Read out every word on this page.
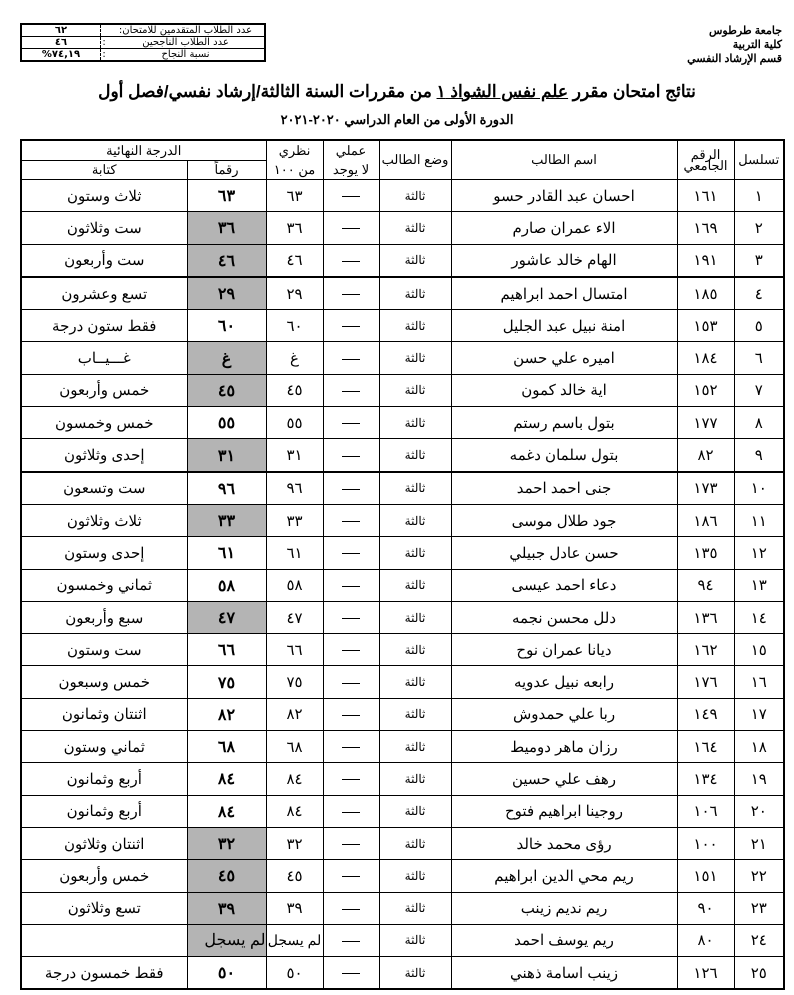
٦٢		عدد الطلاب المتقدمين للامتحان:
٤٦	:	عدد الطلاب الناجحين
%٧٤,١٩	:	نسبة النجاح
جامعة طرطوس
كلية التربية
قسم الإرشاد النفسي
نتائج امتحان مقرر علم نفس الشواذ ١ من مقررات السنة الثالثة/إرشاد نفسي/فصل أول
الدورة الأولى من العام الدراسي ٢٠٢٠-٢٠٢١
تسلسل	الرقم الجامعي	اسم الطالب	وضع الطالب	عملي	نظري	الدرجة النهائية	
				لا يوجد	من ١٠٠	رقماً	كتابة
١	١٦١	احسان عبد القادر حسو	ثالثة		٦٣	٦٣	ثلاث وستون
٢	١٦٩	الاء عمران صارم	ثالثة		٣٦	٣٦	ست وثلاثون
٣	١٩١	الهام خالد عاشور	ثالثة		٤٦	٤٦	ست وأربعون
٤	١٨٥	امتسال احمد ابراهيم	ثالثة		٢٩	٢٩	تسع وعشرون
٥	١٥٣	امنة نبيل عبد الجليل	ثالثة		٦٠	٦٠	فقط ستون درجة
٦	١٨٤	اميره علي حسن	ثالثة		غ	غ	غـــيــاب
٧	١٥٢	اية خالد كمون	ثالثة		٤٥	٤٥	خمس وأربعون
٨	١٧٧	بتول باسم رستم	ثالثة		٥٥	٥٥	خمس وخمسون
٩	٨٢	بتول سلمان دغمه	ثالثة		٣١	٣١	إحدى وثلاثون
١٠	١٧٣	جنى احمد احمد	ثالثة		٩٦	٩٦	ست وتسعون
١١	١٨٦	جود طلال موسى	ثالثة		٣٣	٣٣	ثلاث وثلاثون
١٢	١٣٥	حسن عادل جبيلي	ثالثة		٦١	٦١	إحدى وستون
١٣	٩٤	دعاء احمد عيسى	ثالثة		٥٨	٥٨	ثماني وخمسون
١٤	١٣٦	دلل محسن نجمه	ثالثة		٤٧	٤٧	سبع وأربعون
١٥	١٦٢	ديانا عمران نوح	ثالثة		٦٦	٦٦	ست وستون
١٦	١٧٦	رابعه نبيل عدويه	ثالثة		٧٥	٧٥	خمس وسبعون
١٧	١٤٩	ربا علي حمدوش	ثالثة		٨٢	٨٢	اثنتان وثمانون
١٨	١٦٤	رزان ماهر دوميط	ثالثة		٦٨	٦٨	ثماني وستون
١٩	١٣٤	رهف علي حسين	ثالثة		٨٤	٨٤	أربع وثمانون
٢٠	١٠٦	روجينا ابراهيم فتوح	ثالثة		٨٤	٨٤	أربع وثمانون
٢١	١٠٠	رؤى محمد خالد	ثالثة		٣٢	٣٢	اثنتان وثلاثون
٢٢	١٥١	ريم محي الدين ابراهيم	ثالثة		٤٥	٤٥	خمس وأربعون
٢٣	٩٠	ريم نديم زينب	ثالثة		٣٩	٣٩	تسع وثلاثون
٢٤	٨٠	ريم يوسف احمد	ثالثة		لم يسجل	لم يسجل	
٢٥	١٢٦	زينب اسامة ذهني	ثالثة		٥٠	٥٠	فقط خمسون درجة
